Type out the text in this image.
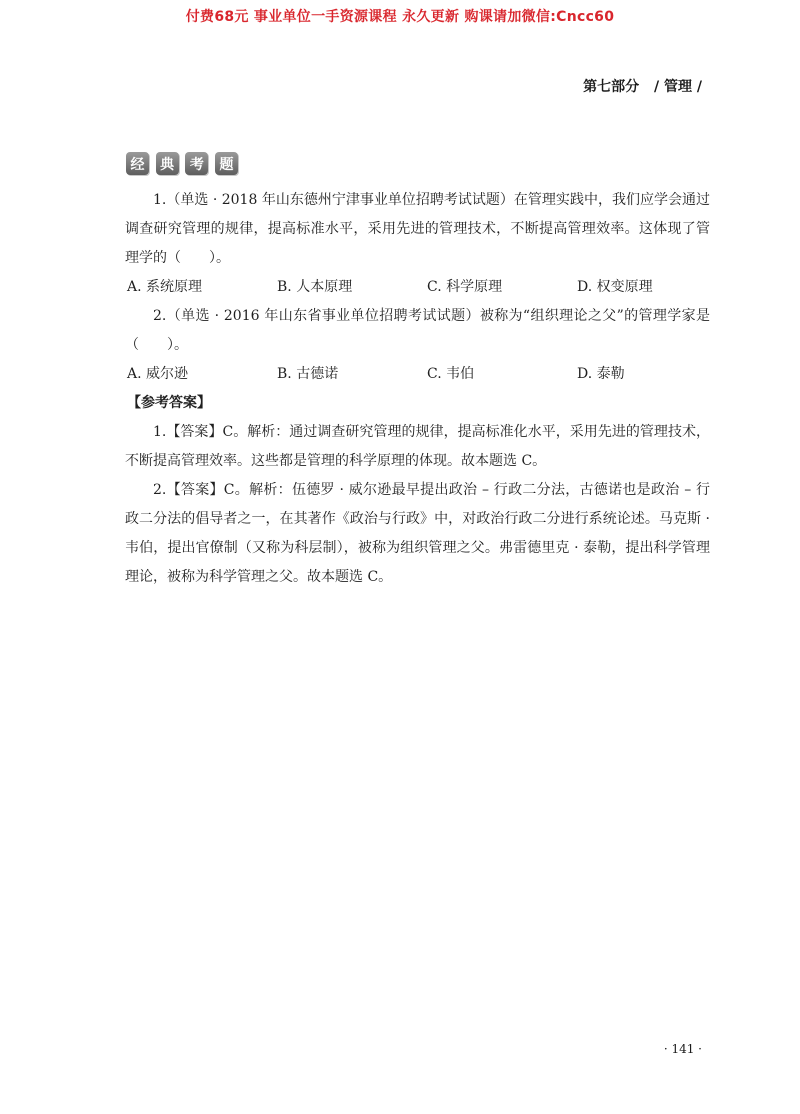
付费68元 事业单位一手资源课程 永久更新 购课请加微信:Cncc60
第七部分 / 管理 /
经	典	考	题

1.（单选 · 2018 年山东德州宁津事业单位招聘考试试题）在管理实践中，我们应学会通过调查研究管理的规律，提高标准水平，采用先进的管理技术，不断提高管理效率。这体现了管理学的（　　）。

A. 系统原理	B. 人本原理	C. 科学原理	D. 权变原理

2.（单选 · 2016 年山东省事业单位招聘考试试题）被称为“组织理论之父”的管理学家是（　　）。

A. 威尔逊	B. 古德诺	C. 韦伯	D. 泰勒

【参考答案】

1.【答案】C。解析：通过调查研究管理的规律，提高标准化水平，采用先进的管理技术，不断提高管理效率。这些都是管理的科学原理的体现。故本题选 C。

2.【答案】C。解析：伍德罗 · 威尔逊最早提出政治 – 行政二分法，古德诺也是政治 – 行政二分法的倡导者之一，在其著作《政治与行政》中，对政治行政二分进行系统论述。马克斯 · 韦伯，提出官僚制（又称为科层制），被称为组织管理之父。弗雷德里克 · 泰勒，提出科学管理理论，被称为科学管理之父。故本题选 C。

· 141 ·
